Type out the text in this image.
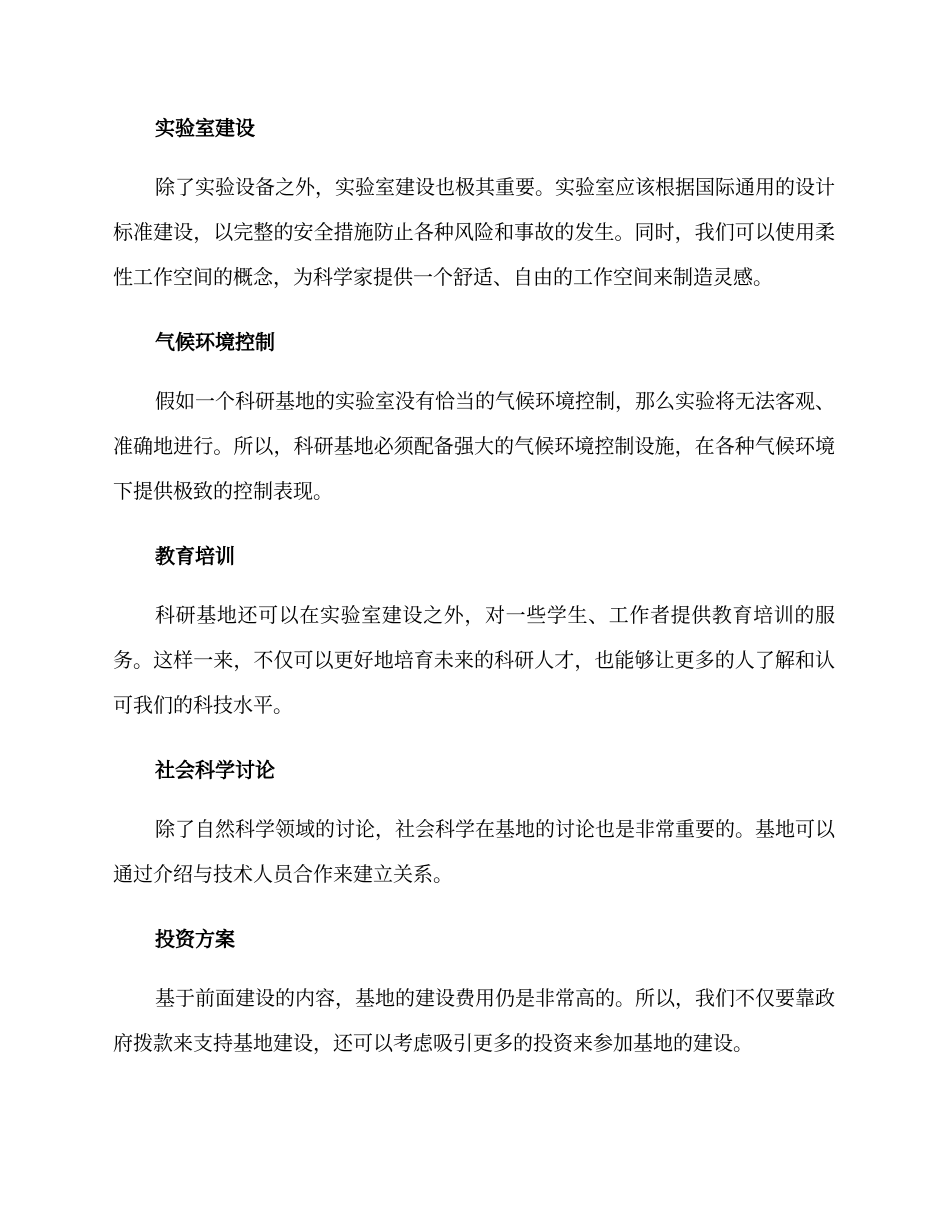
实验室建设

除了实验设备之外，实验室建设也极其重要。实验室应该根据国际通用的设计标准建设，以完整的安全措施防止各种风险和事故的发生。同时，我们可以使用柔性工作空间的概念，为科学家提供一个舒适、自由的工作空间来制造灵感。

气候环境控制

假如一个科研基地的实验室没有恰当的气候环境控制，那么实验将无法客观、准确地进行。所以，科研基地必须配备强大的气候环境控制设施，在各种气候环境下提供极致的控制表现。

教育培训

科研基地还可以在实验室建设之外，对一些学生、工作者提供教育培训的服务。这样一来，不仅可以更好地培育未来的科研人才，也能够让更多的人了解和认可我们的科技水平。

社会科学讨论

除了自然科学领域的讨论，社会科学在基地的讨论也是非常重要的。基地可以通过介绍与技术人员合作来建立关系。

投资方案

基于前面建设的内容，基地的建设费用仍是非常高的。所以，我们不仅要靠政府拨款来支持基地建设，还可以考虑吸引更多的投资来参加基地的建设。
